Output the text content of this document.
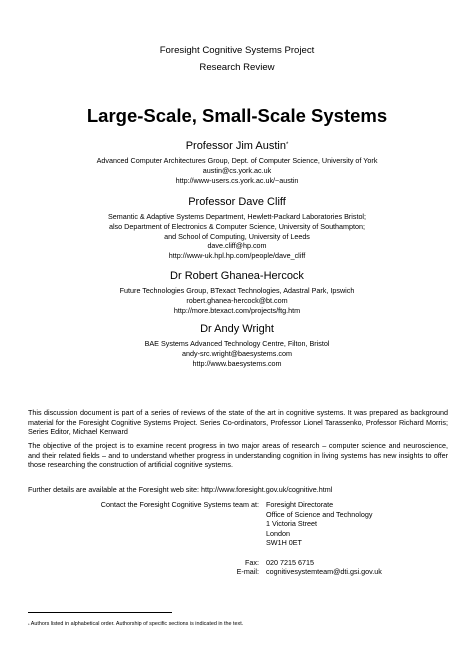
Foresight Cognitive Systems Project
Research Review
Large-Scale, Small-Scale Systems
Professor Jim Austin*
Advanced Computer Architectures Group, Dept. of Computer Science, University of York
austin@cs.york.ac.uk
http://www-users.cs.york.ac.uk/~austin
Professor Dave Cliff
Semantic & Adaptive Systems Department, Hewlett-Packard Laboratories Bristol;
also Department of Electronics & Computer Science, University of Southampton;
and School of Computing, University of Leeds
dave.cliff@hp.com
http://www-uk.hpl.hp.com/people/dave_cliff
Dr Robert Ghanea-Hercock
Future Technologies Group, BTexact Technologies, Adastral Park, Ipswich
robert.ghanea-hercock@bt.com
http://more.btexact.com/projects/ftg.htm
Dr Andy Wright
BAE Systems Advanced Technology Centre, Filton, Bristol
andy-src.wright@baesystems.com
http://www.baesystems.com
This discussion document is part of a series of reviews of the state of the art in cognitive systems. It was prepared as background material for the Foresight Cognitive Systems Project. Series Co-ordinators, Professor Lionel Tarassenko, Professor Richard Morris; Series Editor, Michael Kenward
The objective of the project is to examine recent progress in two major areas of research – computer science and neuroscience, and their related fields – and to understand whether progress in understanding cognition in living systems has new insights to offer those researching the construction of artificial cognitive systems.
Further details are available at the Foresight web site: http://www.foresight.gov.uk/cognitive.html
Contact the Foresight Cognitive Systems team at: Foresight Directorate
Office of Science and Technology
1 Victoria Street
London
SW1H 0ET
Fax: 020 7215 6715
E-mail: cognitivesystemteam@dti.gsi.gov.uk
* Authors listed in alphabetical order. Authorship of specific sections is indicated in the text.
